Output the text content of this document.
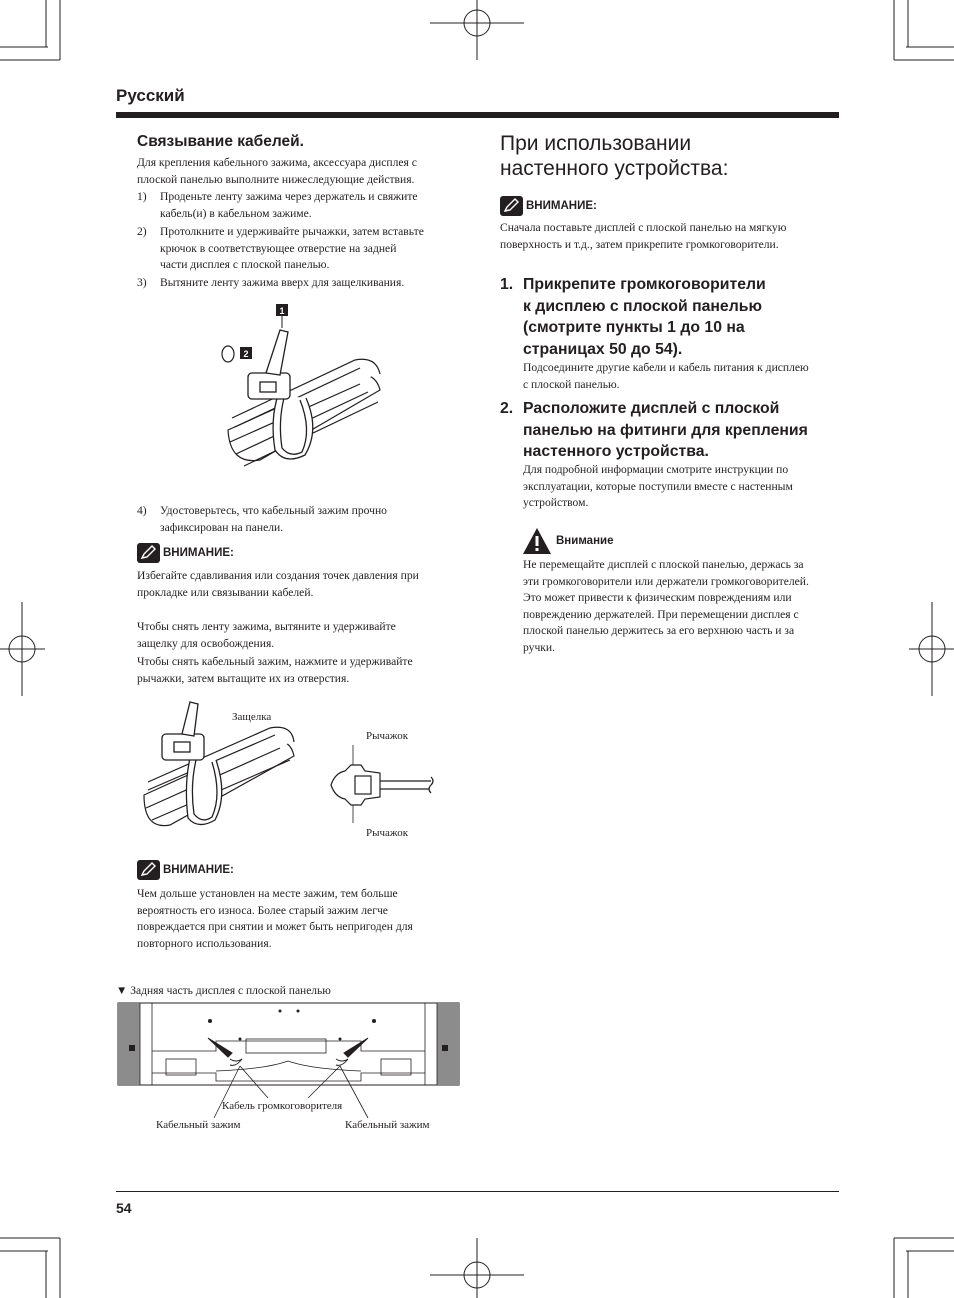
Русский
Связывание кабелей.
Для крепления кабельного зажима, аксессуара дисплея с
плоской панелью выполните нижеследующие действия.
1) Проденьте ленту зажима через держатель и свяжите
кабель(и) в кабельном зажиме.
2) Протолкните и удерживайте рычажки, затем вставьте
крючок в соответствующее отверстие на задней
части дисплея с плоской панелью.
3) Вытяните ленту зажима вверх для защелкивания.
1
2
4) Удостоверьтесь, что кабельный зажим прочно
зафиксирован на панели.
ВНИМАНИЕ:
Избегайте сдавливания или создания точек давления при
прокладке или связывании кабелей.
Чтобы снять ленту зажима, вытяните и удерживайте
защелку для освобождения.
Чтобы снять кабельный зажим, нажмите и удерживайте
рычажки, затем вытащите их из отверстия.
Защелка
Рычажок
Рычажок
ВНИМАНИЕ:
Чем дольше установлен на месте зажим, тем больше
вероятность его износа. Более старый зажим легче
повреждается при снятии и может быть непригоден для
повторного использования.
▼ Задняя часть дисплея с плоской панелью
Кабель громкоговорителя
Кабельный зажим	Кабельный зажим
При использовании
настенного устройства:
ВНИМАНИЕ:
Сначала поставьте дисплей с плоской панелью на мягкую
поверхность и т.д., затем прикрепите громкоговорители.
1. Прикрепите громкоговорители
к дисплею с плоской панелью
(смотрите пункты 1 до 10 на
страницах 50 до 54).
Подсоедините другие кабели и кабель питания к дисплею
с плоской панелью.
2. Расположите дисплей с плоской
панелью на фитинги для крепления
настенного устройства.
Для подробной информации смотрите инструкции по
эксплуатации, которые поступили вместе с настенным
устройством.
Внимание
Не перемещайте дисплей с плоской панелью, держась за
эти громкоговорители или держатели громкоговорителей.
Это может привести к физическим повреждениям или
повреждению держателей. При перемещении дисплея с
плоской панелью держитесь за его верхнюю часть и за
ручки.
54
